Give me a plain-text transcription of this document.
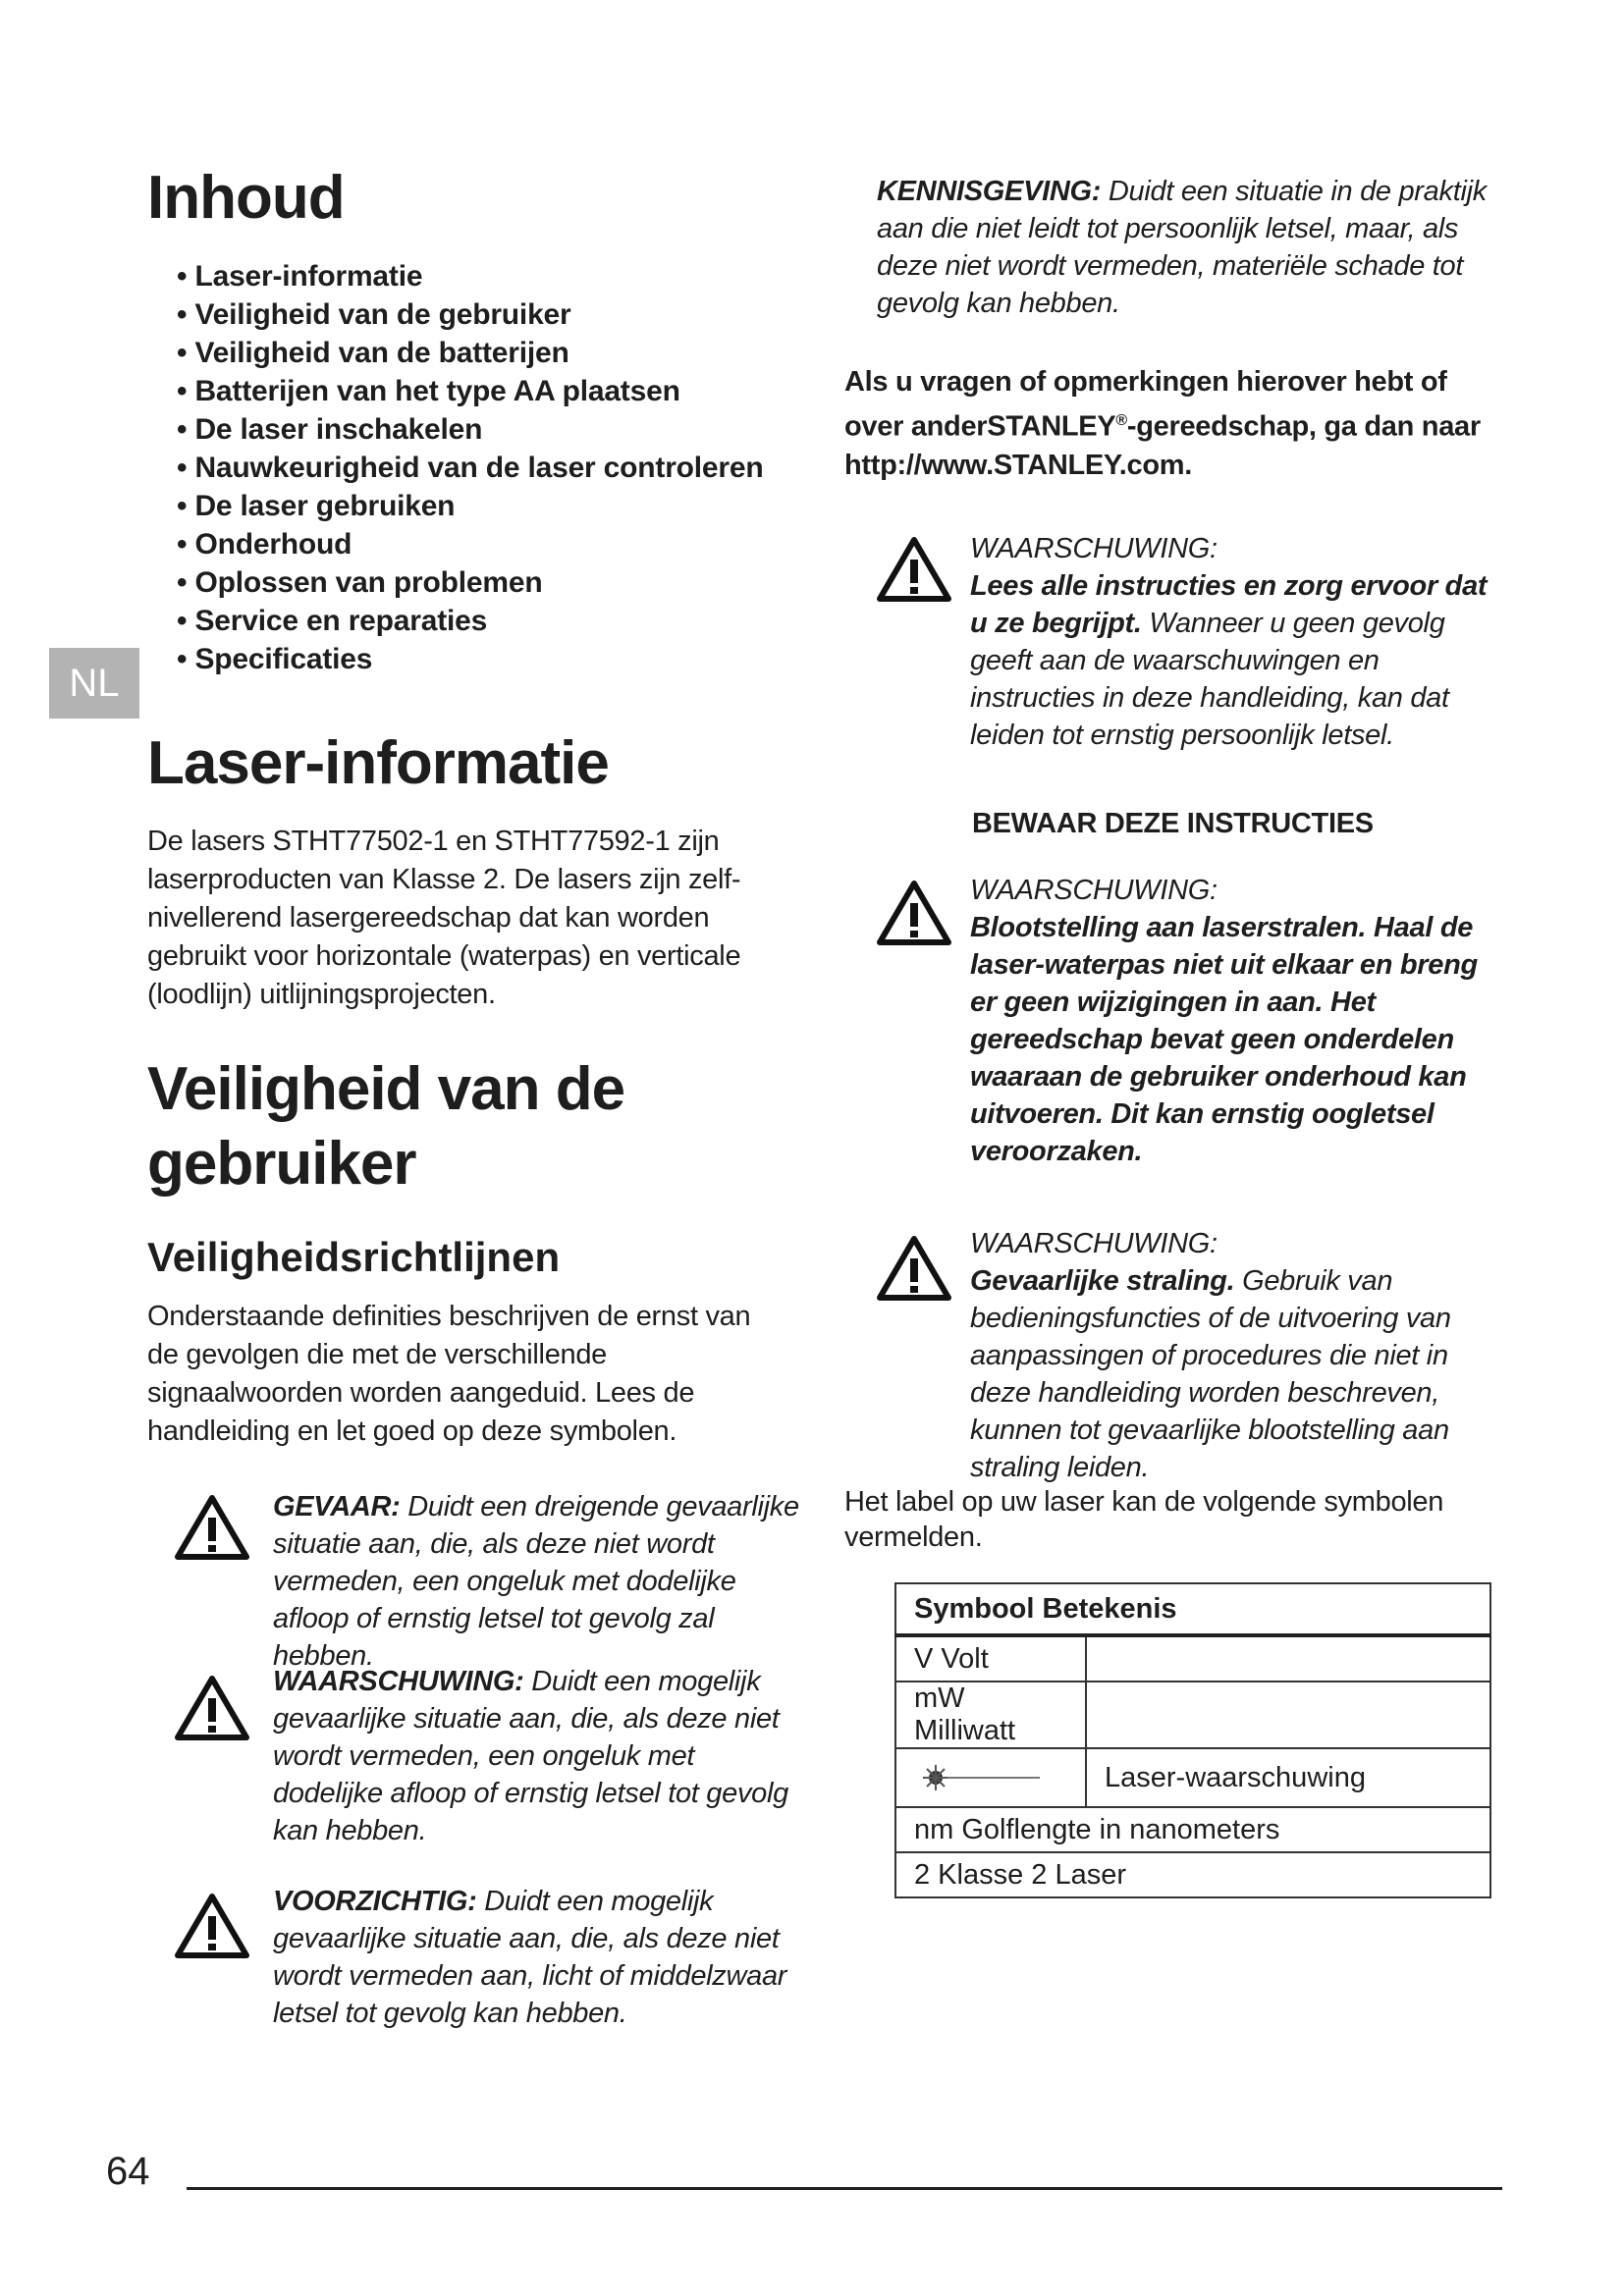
Inhoud
• Laser-informatie
• Veiligheid van de gebruiker
• Veiligheid van de batterijen
• Batterijen van het type AA plaatsen
• De laser inschakelen
• Nauwkeurigheid van de laser controleren
• De laser gebruiken
• Onderhoud
• Oplossen van problemen
• Service en reparaties
• Specificaties
NL
Laser-informatie
De lasers STHT77502-1 en STHT77592-1 zijn laserproducten van Klasse 2. De lasers zijn zelf-nivellerend lasergereedschap dat kan worden gebruikt voor horizontale (waterpas) en verticale (loodlijn) uitlijningsprojecten.
Veiligheid van de
gebruiker
Veiligheidsrichtlijnen
Onderstaande definities beschrijven de ernst van de gevolgen die met de verschillende signaalwoorden worden aangeduid. Lees de handleiding en let goed op deze symbolen.
GEVAAR: Duidt een dreigende gevaarlijke situatie aan, die, als deze niet wordt vermeden, een ongeluk met dodelijke afloop of ernstig letsel tot gevolg zal hebben.
WAARSCHUWING: Duidt een mogelijk gevaarlijke situatie aan, die, als deze niet wordt vermeden, een ongeluk met dodelijke afloop of ernstig letsel tot gevolg kan hebben.
VOORZICHTIG: Duidt een mogelijk gevaarlijke situatie aan, die, als deze niet wordt vermeden aan, licht of middelzwaar letsel tot gevolg kan hebben.
KENNISGEVING: Duidt een situatie in de praktijk aan die niet leidt tot persoonlijk letsel, maar, als deze niet wordt vermeden, materiële schade tot gevolg kan hebben.
Als u vragen of opmerkingen hierover hebt of over anderSTANLEY®-gereedschap, ga dan naar http://www.STANLEY.com.
WAARSCHUWING:
Lees alle instructies en zorg ervoor dat u ze begrijpt. Wanneer u geen gevolg geeft aan de waarschuwingen en instructies in deze handleiding, kan dat leiden tot ernstig persoonlijk letsel.
BEWAAR DEZE INSTRUCTIES
WAARSCHUWING:
Blootstelling aan laserstralen. Haal de laser-waterpas niet uit elkaar en breng er geen wijzigingen in aan. Het gereedschap bevat geen onderdelen waaraan de gebruiker onderhoud kan uitvoeren. Dit kan ernstig oogletsel veroorzaken.
WAARSCHUWING:
Gevaarlijke straling. Gebruik van bedieningsfuncties of de uitvoering van aanpassingen of procedures die niet in deze handleiding worden beschreven, kunnen tot gevaarlijke blootstelling aan straling leiden.
Het label op uw laser kan de volgende symbolen vermelden.
Symbool Betekenis	
V Volt	
mW Milliwatt	

	Laser-waarschuwing
nm Golflengte in nanometers	
2 Klasse 2 Laser	
64
